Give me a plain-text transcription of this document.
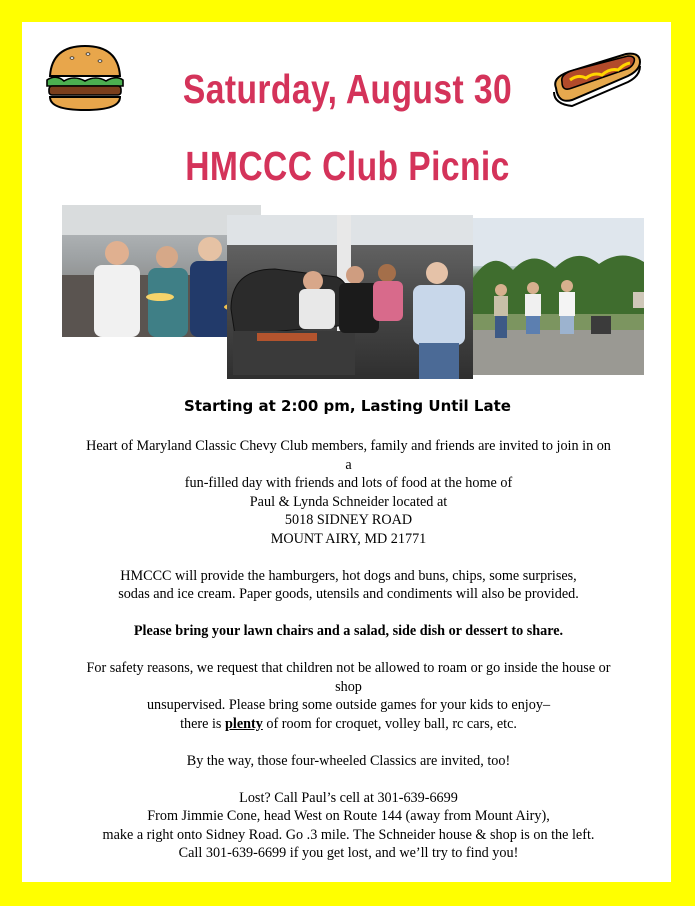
Saturday, August 30
HMCCC Club Picnic
Starting at 2:00 pm, Lasting Until Late

Heart of Maryland Classic Chevy Club members, family and friends are invited to join in on

a

fun-filled day with friends and lots of food at the home of

Paul & Lynda Schneider located at

5018 SIDNEY ROAD

MOUNT AIRY, MD 21771

HMCCC will provide the hamburgers, hot dogs and buns, chips, some surprises,

sodas and ice cream. Paper goods, utensils and condiments will also be provided.

Please bring your lawn chairs and a salad, side dish or dessert to share.

For safety reasons, we request that children not be allowed to roam or go inside the house or

shop

unsupervised. Please bring some outside games for your kids to enjoy–

there is plenty of room for croquet, volley ball, rc cars, etc.

By the way, those four-wheeled Classics are invited, too!

Lost? Call Paul’s cell at 301-639-6699

From Jimmie Cone, head West on Route 144 (away from Mount Airy),

make a right onto Sidney Road. Go .3 mile. The Schneider house & shop is on the left.

Call 301-639-6699 if you get lost, and we’ll try to find you!
